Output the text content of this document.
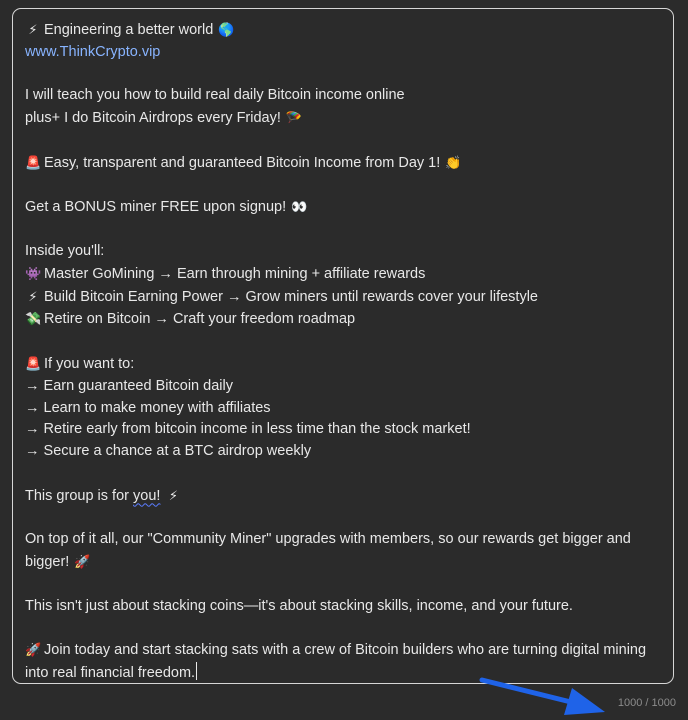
⚡ Engineering a better world 🌎
www.ThinkCrypto.vip
I will teach you how to build real daily Bitcoin income online
plus+ I do Bitcoin Airdrops every Friday! 🪂
🚨 Easy, transparent and guaranteed Bitcoin Income from Day 1! 👏
Get a BONUS miner FREE upon signup! 👀
Inside you'll:
👾 Master GoMining → Earn through mining + affiliate rewards
⚡ Build Bitcoin Earning Power → Grow miners until rewards cover your lifestyle
💸 Retire on Bitcoin → Craft your freedom roadmap
🚨 If you want to:
→ Earn guaranteed Bitcoin daily
→ Learn to make money with affiliates
→ Retire early from bitcoin income in less time than the stock market!
→ Secure a chance at a BTC airdrop weekly
This group is for you! ⚡
On top of it all, our "Community Miner" upgrades with members, so our rewards get bigger and
bigger! 🚀
This isn't just about stacking coins—it's about stacking skills, income, and your future.
🚀 Join today and start stacking sats with a crew of Bitcoin builders who are turning digital mining
into real financial freedom.
1000 / 1000
